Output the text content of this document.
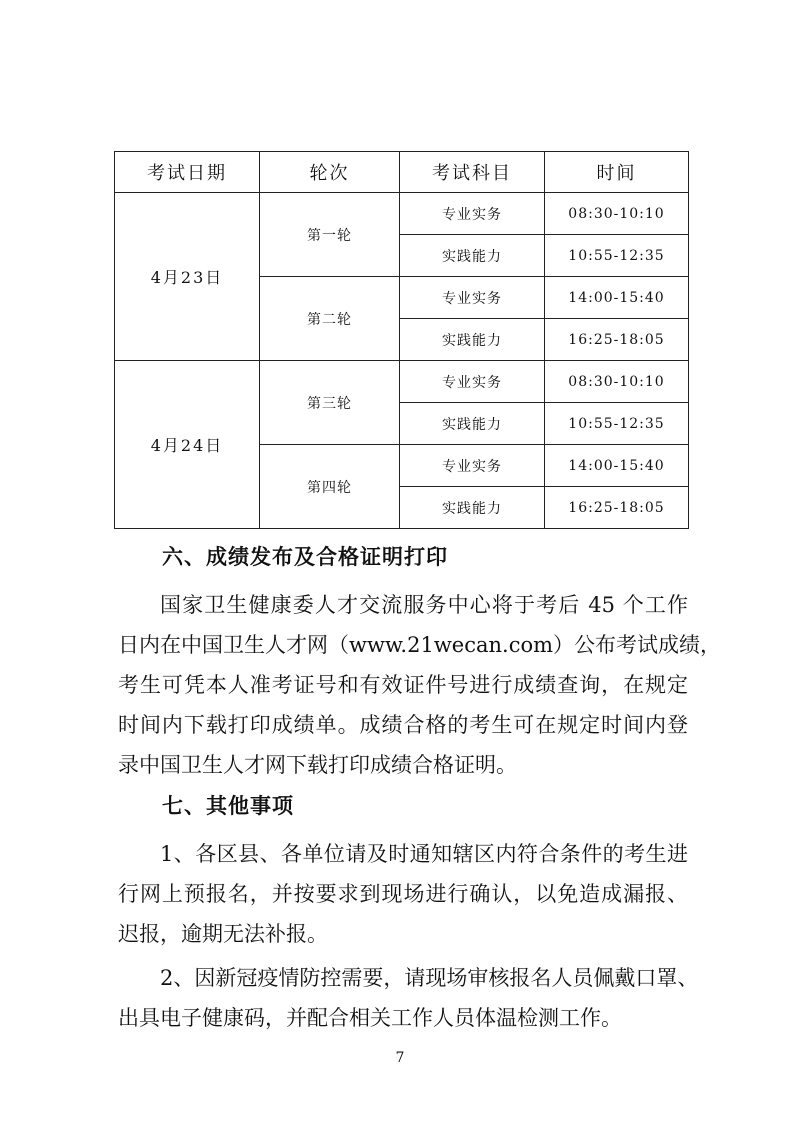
考试日期	轮次	考试科目	时间
4月23日	第一轮	专业实务	08:30-10:10
		实践能力	10:55-12:35
	第二轮	专业实务	14:00-15:40
		实践能力	16:25-18:05
4月24日	第三轮	专业实务	08:30-10:10
		实践能力	10:55-12:35
	第四轮	专业实务	14:00-15:40
		实践能力	16:25-18:05
六、成绩发布及合格证明打印
国家卫生健康委人才交流服务中心将于考后 45 个工作
日内在中国卫生人才网（www.21wecan.com）公布考试成绩，
考生可凭本人准考证号和有效证件号进行成绩查询，在规定
时间内下载打印成绩单。成绩合格的考生可在规定时间内登
录中国卫生人才网下载打印成绩合格证明。
七、其他事项
1、各区县、各单位请及时通知辖区内符合条件的考生进
行网上预报名，并按要求到现场进行确认，以免造成漏报、
迟报，逾期无法补报。
2、因新冠疫情防控需要，请现场审核报名人员佩戴口罩、
出具电子健康码，并配合相关工作人员体温检测工作。
7
